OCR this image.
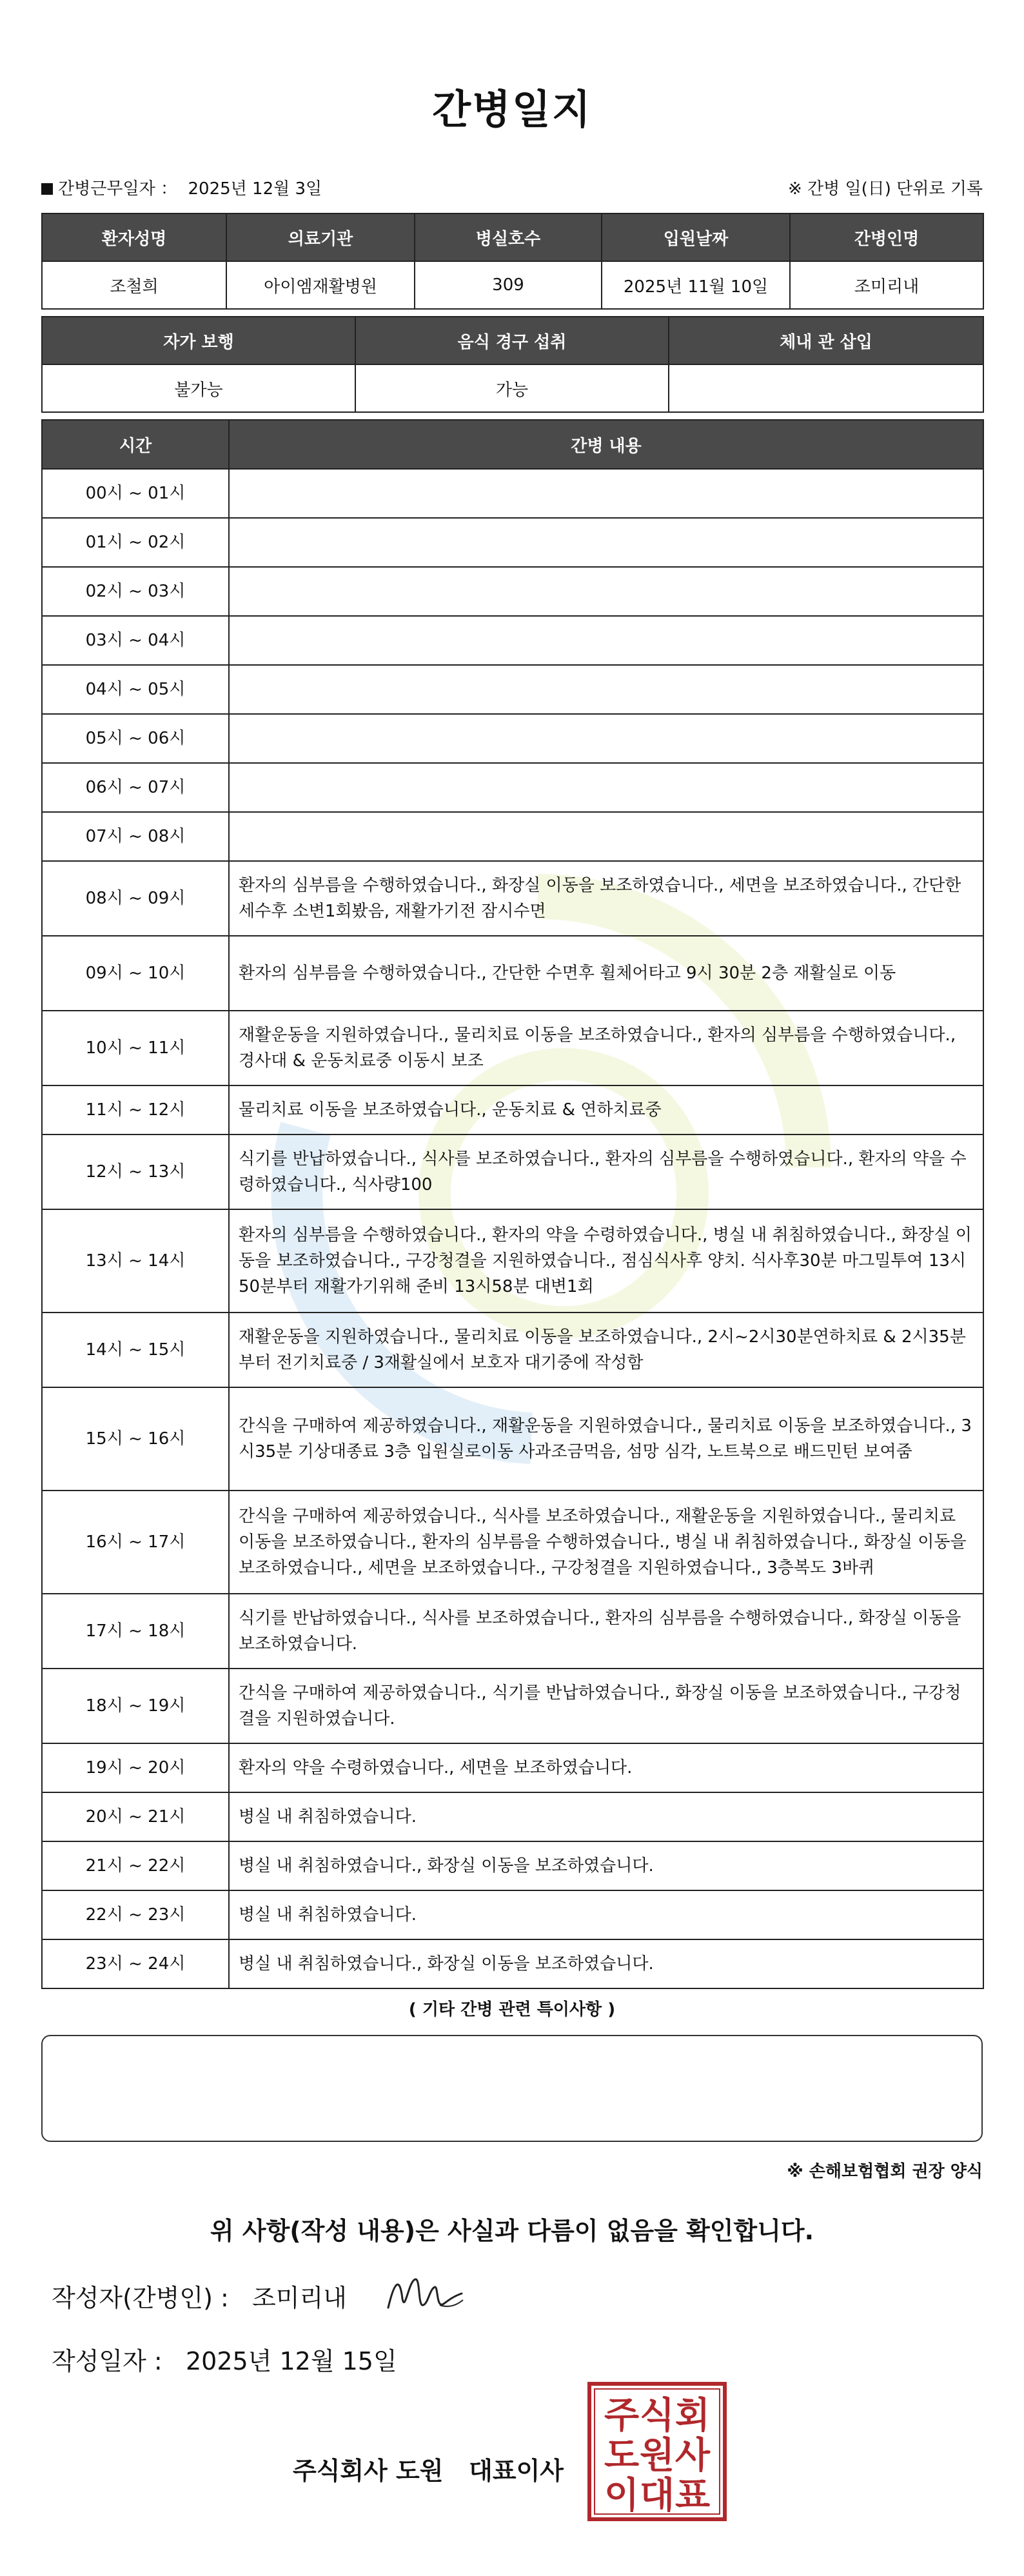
간병일지
간병근무일자 ： 2025년 12월 3일	※ 간병 일(日) 단위로 기록
환자성명	의료기관	병실호수	입원날짜	간병인명
조철희	아이엠재활병원	309	2025년 11월 10일	조미리내
자가 보행	음식 경구 섭취	체내 관 삽입
불가능	가능	
시간	간병 내용
00시 ~ 01시	
01시 ~ 02시	
02시 ~ 03시	
03시 ~ 04시	
04시 ~ 05시	
05시 ~ 06시	
06시 ~ 07시	
07시 ~ 08시	
08시 ~ 09시	환자의 심부름을 수행하였습니다., 화장실 이동을 보조하였습니다., 세면을 보조하였습니다., 간단한세수후 소변1회봤음, 재활가기전 잠시수면
09시 ~ 10시	환자의 심부름을 수행하였습니다., 간단한 수면후 휠체어타고 9시 30분 2층 재활실로 이동
10시 ~ 11시	재활운동을 지원하였습니다., 물리치료 이동을 보조하였습니다., 환자의 심부름을 수행하였습니다., 경사대 & 운동치료중 이동시 보조
11시 ~ 12시	물리치료 이동을 보조하였습니다., 운동치료 & 연하치료중
12시 ~ 13시	식기를 반납하였습니다., 식사를 보조하였습니다., 환자의 심부름을 수행하였습니다., 환자의 약을 수령하였습니다., 식사량100
13시 ~ 14시	환자의 심부름을 수행하였습니다., 환자의 약을 수령하였습니다., 병실 내 취침하였습니다., 화장실 이동을 보조하였습니다., 구강청결을 지원하였습니다., 점심식사후 양치. 식사후30분 마그밀투여 13시50분부터 재활가기위해 준비 13시58분 대변1회
14시 ~ 15시	재활운동을 지원하였습니다., 물리치료 이동을 보조하였습니다., 2시~2시30분연하치료 & 2시35분부터 전기치료중 / 3재활실에서 보호자 대기중에 작성함
15시 ~ 16시	간식을 구매하여 제공하였습니다., 재활운동을 지원하였습니다., 물리치료 이동을 보조하였습니다., 3시35분 기상대종료 3층 입원실로이동 사과조금먹음, 섬망 심각, 노트북으로 배드민턴 보여줌
16시 ~ 17시	간식을 구매하여 제공하였습니다., 식사를 보조하였습니다., 재활운동을 지원하였습니다., 물리치료 이동을 보조하였습니다., 환자의 심부름을 수행하였습니다., 병실 내 취침하였습니다., 화장실 이동을 보조하였습니다., 세면을 보조하였습니다., 구강청결을 지원하였습니다., 3층복도 3바퀴
17시 ~ 18시	식기를 반납하였습니다., 식사를 보조하였습니다., 환자의 심부름을 수행하였습니다., 화장실 이동을 보조하였습니다.
18시 ~ 19시	간식을 구매하여 제공하였습니다., 식기를 반납하였습니다., 화장실 이동을 보조하였습니다., 구강청결을 지원하였습니다.
19시 ~ 20시	환자의 약을 수령하였습니다., 세면을 보조하였습니다.
20시 ~ 21시	병실 내 취침하였습니다.
21시 ~ 22시	병실 내 취침하였습니다., 화장실 이동을 보조하였습니다.
22시 ~ 23시	병실 내 취침하였습니다.
23시 ~ 24시	병실 내 취침하였습니다., 화장실 이동을 보조하였습니다.
( 기타 간병 관련 특이사항 )
※ 손해보험협회 권장 양식
위 사항(작성 내용)은 사실과 다름이 없음을 확인합니다.
작성자(간병인) : 조미리내
작성일자 : 2025년 12월 15일
주식회사 도원   대표이사
주 식 회
도 원 사
이 대 표
